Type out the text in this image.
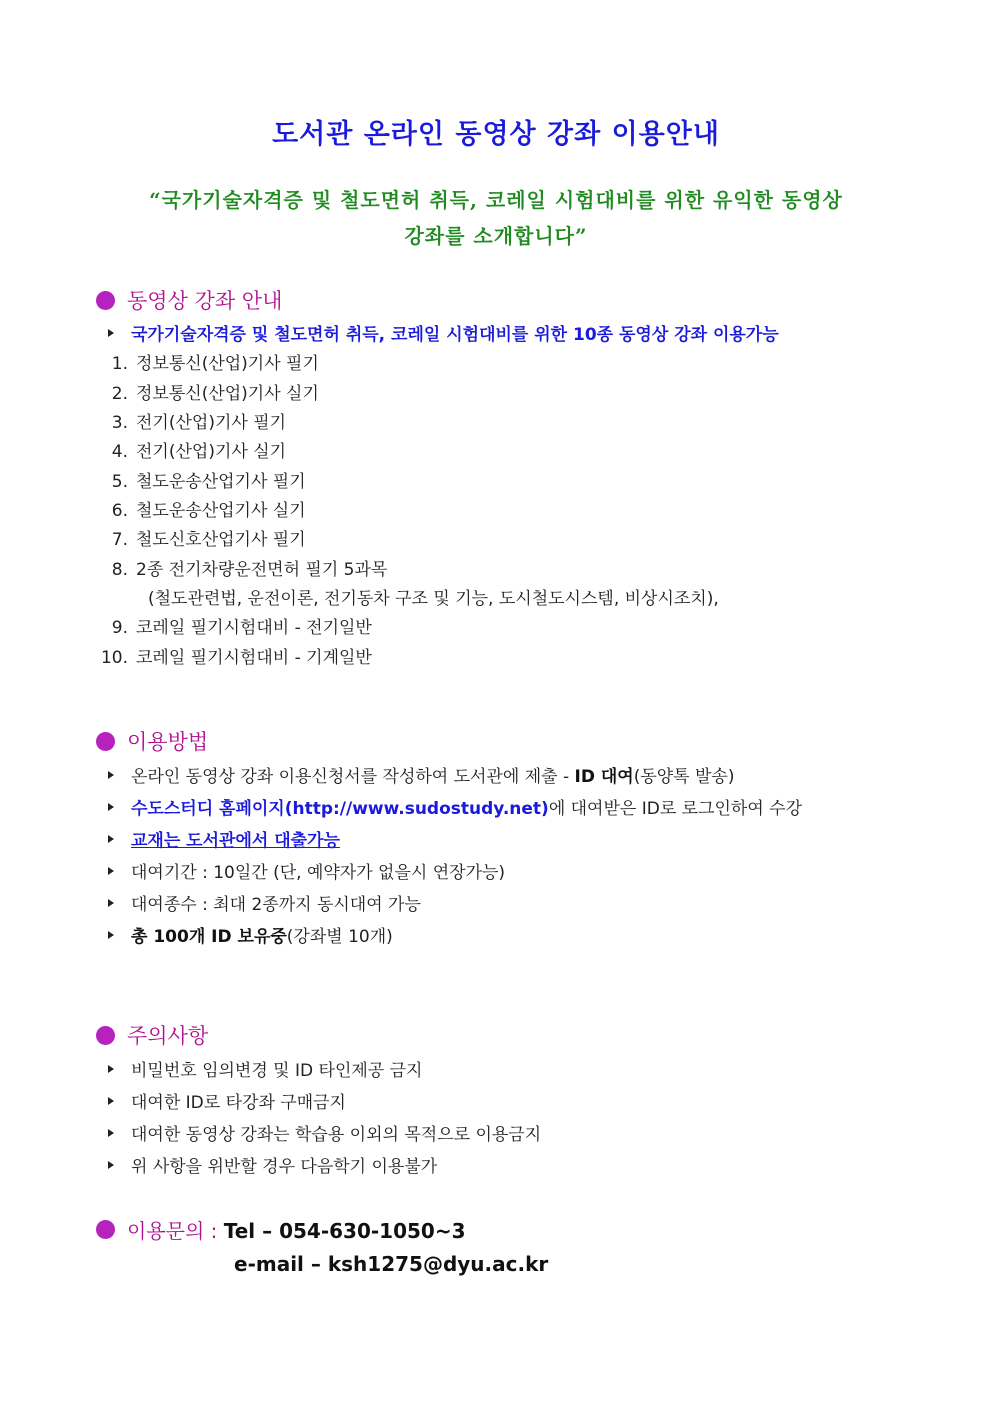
도서관 온라인 동영상 강좌 이용안내
“국가기술자격증 및 철도면허 취득, 코레일 시험대비를 위한 유익한 동영상
강좌를 소개합니다”
동영상 강좌 안내
국가기술자격증 및 철도면허 취득, 코레일 시험대비를 위한 10종 동영상 강좌 이용가능
1. 정보통신(산업)기사 필기
2. 정보통신(산업)기사 실기
3. 전기(산업)기사 필기
4. 전기(산업)기사 실기
5. 철도운송산업기사 필기
6. 철도운송산업기사 실기
7. 철도신호산업기사 필기
8. 2종 전기차량운전면허 필기 5과목
(철도관련법, 운전이론, 전기동차 구조 및 기능, 도시철도시스템, 비상시조치),
9. 코레일 필기시험대비 - 전기일반
10. 코레일 필기시험대비 - 기계일반
이용방법
온라인 동영상 강좌 이용신청서를 작성하여 도서관에 제출 -
ID 대여 (동양톡 발송)
수도스터디 홈페이지(http://www.sudostudy.net) 에 대여받은 ID로 로그인하여 수강
교재는 도서관에서 대출가능
대여기간 : 10일간 (단, 예약자가 없을시 연장가능)
대여종수 : 최대 2종까지 동시대여 가능
총 100개 ID 보유중 (강좌별 10개)
주의사항
비밀번호 임의변경 및 ID 타인제공 금지
대여한 ID로 타강좌 구매금지
대여한 동영상 강좌는 학습용 이외의 목적으로 이용금지
위 사항을 위반할 경우 다음학기 이용불가
이용문의 : Tel – 054-630-1050~3
e-mail – ksh1275@dyu.ac.kr
